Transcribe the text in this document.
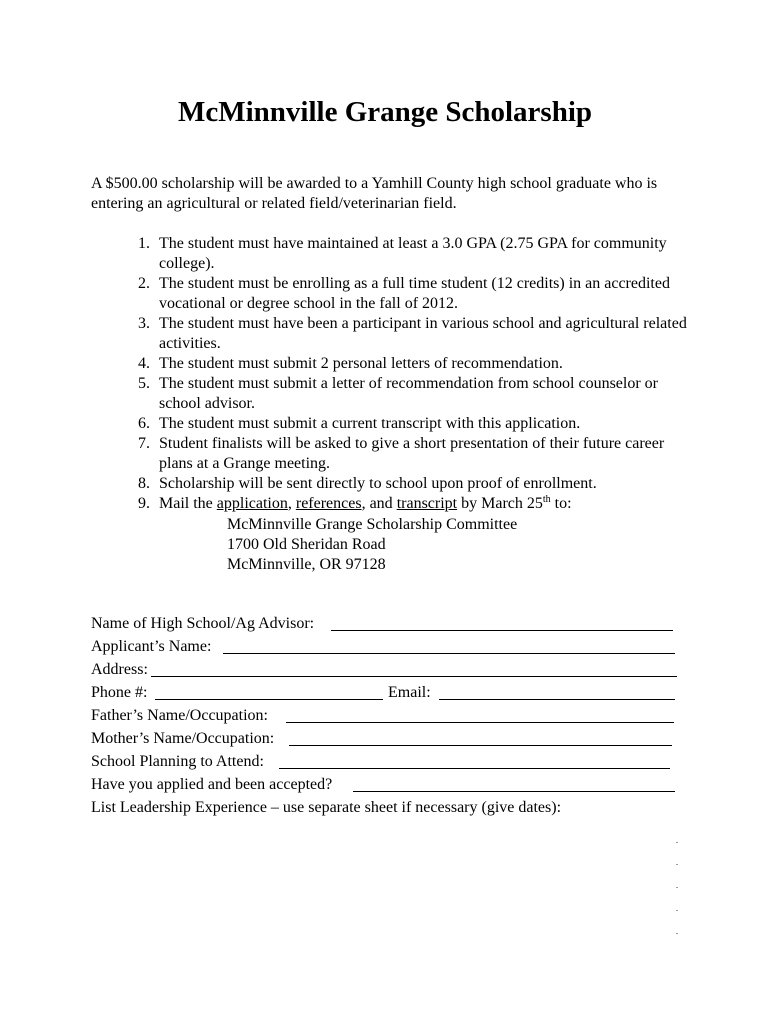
McMinnville Grange Scholarship

A $500.00 scholarship will be awarded to a Yamhill County high school graduate who is entering an agricultural or related field/veterinarian field.

1. The student must have maintained at least a 3.0 GPA (2.75 GPA for community college).
2. The student must be enrolling as a full time student (12 credits) in an accredited vocational or degree school in the fall of 2012.
3. The student must have been a participant in various school and agricultural related activities.
4. The student must submit 2 personal letters of recommendation.
5. The student must submit a letter of recommendation from school counselor or school advisor.
6. The student must submit a current transcript with this application.
7. Student finalists will be asked to give a short presentation of their future career plans at a Grange meeting.
8. Scholarship will be sent directly to school upon proof of enrollment.
9. Mail the application, references, and transcript by March 25th to:
McMinnville Grange Scholarship Committee
1700 Old Sheridan Road
McMinnville, OR 97128
Name of High School/Ag Advisor:
Applicant’s Name:
Address:
Phone #:	Email:
Father’s Name/Occupation:
Mother’s Name/Occupation:
School Planning to Attend:
Have you applied and been accepted?
List Leadership Experience – use separate sheet if necessary (give dates):
